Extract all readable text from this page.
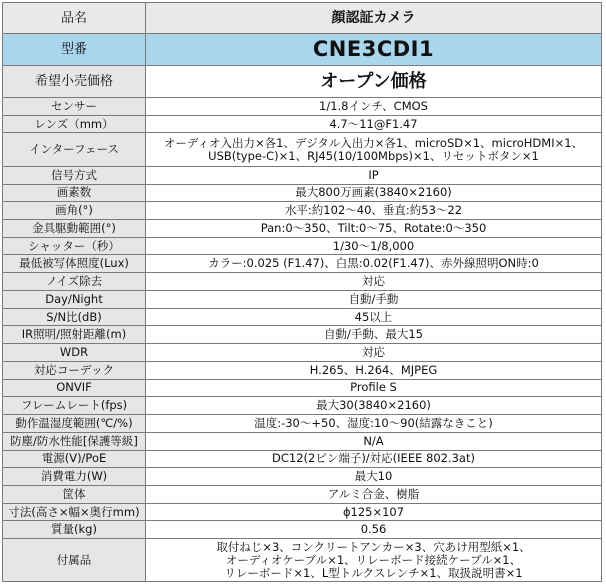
品名	顔認証カメラ
型番	CNE3CDI1
希望小売価格	オープン価格
センサー	1/1.8インチ、CMOS
レンズ（mm）	4.7～11@F1.47
インターフェース	オーディオ入出力×各1、デジタル入出力×各1、microSD×1、microHDMI×1、
USB(type-C)×1、RJ45(10/100Mbps)×1、リセットボタン×1

信号方式	IP
画素数	最大800万画素(3840×2160)
画角(°)	水平:約102～40、垂直:約53～22
金具駆動範囲(°)	Pan:0～350、Tilt:0～75、Rotate:0～350
シャッター（秒）	1/30～1/8,000
最低被写体照度(Lux)	カラー:0.025 (F1.47)、白黒:0.02(F1.47)、赤外線照明ON時:0
ノイズ除去	対応
Day/Night	自動/手動
S/N比(dB)	45以上
IR照明/照射距離(m)	自動/手動、最大15
WDR	対応
対応コーデック	H.265、H.264、MJPEG
ONVIF	Profile S
フレームレート(fps)	最大30(3840×2160)
動作温湿度範囲(℃/%)	温度:-30～+50、湿度:10～90(結露なきこと)
防塵/防水性能[保護等級]	N/A
電源(V)/PoE	DC12(2ピン端子)/対応(IEEE 802.3at)
消費電力(W)	最大10
筐体	アルミ合金、樹脂
寸法(高さ×幅×奥行mm)	ϕ125×107
質量(kg)	0.56
付属品	取付ねじ×3、コンクリートアンカー×3、穴あけ用型紙×1、
オーディオケーブル×1、リレーボード接続ケーブル×1、
リレーボード×1、L型トルクスレンチ×1、取扱説明書×1
